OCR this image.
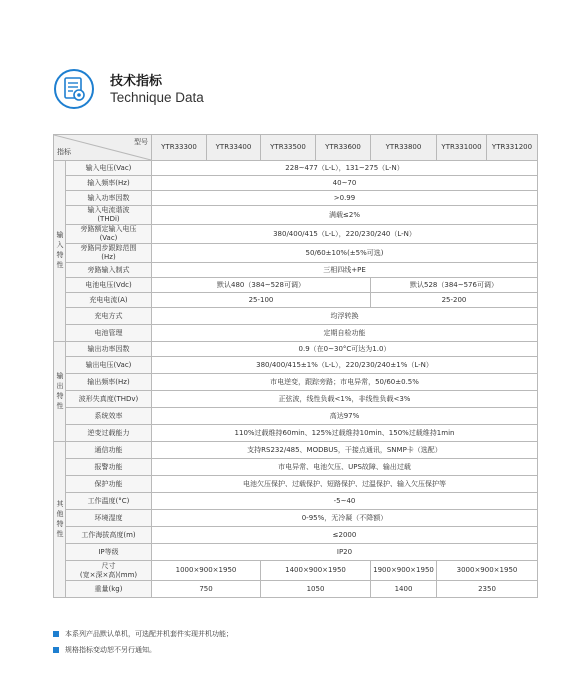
技术指标
Technique Data
型号
指标		YTR33300	YTR33400	YTR33500	YTR33600	YTR33800	YTR331000	YTR331200
输入特性	输入电压(Vac)	228~477（L-L），131~275（L-N）						
	输入频率(Hz)	40~70						
	输入功率因数	>0.99						
	输入电流谐波
(THDi)	满载≤2%						
	旁路额定输入电压
(Vac)	380/400/415（L-L），220/230/240（L-N）						
	旁路同步跟踪范围
(Hz)	50/60±10%(±5%可选)						
	旁路输入制式	三相四线+PE						
	电池电压(Vdc)	默认480（384~528可调）				默认528（384~576可调）		
	充电电流(A)	25-100				25-200		
	充电方式	均浮转换						
	电池管理	定期自检功能						
输出特性	输出功率因数	0.9（在0~30°C可达为1.0）						
	输出电压(Vac)	380/400/415±1%（L-L），220/230/240±1%（L-N）						
	输出频率(Hz)	市电逆变，跟踪旁路；市电异常，50/60±0.5%						
	波形失真度(THDv)	正弦波，线性负载<1%，非线性负载<3%						
	系统效率	高达97%						
	逆变过载能力	110%过载维持60min、125%过载维持10min、150%过载维持1min						
其他特性	通信功能	支持RS232/485、MODBUS，干接点通讯，SNMP卡（选配）						
	报警功能	市电异常、电池欠压、UPS故障、输出过载						
	保护功能	电池欠压保护、过载保护、短路保护、过温保护、输入欠压保护等						
	工作温度(°C)	-5~40						
	环境湿度	0-95%，无冷凝（不降额）						
	工作海拔高度(m)	≤2000						
	IP等级	IP20						
	尺寸
(宽×深×高)(mm)	1000×900×1950		1400×900×1950		1900×900×1950	3000×900×1950	
	重量(kg)	750		1050		1400	2350	
本系列产品默认单机，可选配并机套件实现并机功能；
规格指标变动恕不另行通知。
